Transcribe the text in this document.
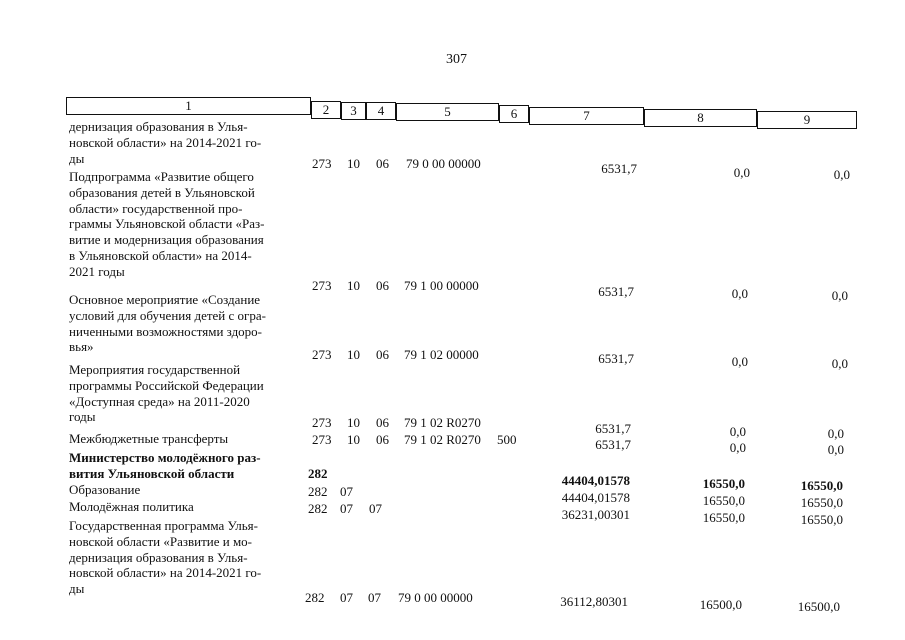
307
1	2	3	4	5	6	7	8	9

дернизация образования в Улья-

новской области» на 2014-2021 го-

ды	273 10 06 79 0 00 00000	6531,7	0,0	0,0

Подпрограмма «Развитие общего

образования детей в Ульяновской

области» государственной про-

граммы Ульяновской области «Раз-

витие и модернизация образования

в Ульяновской области» на 2014-

2021 годы

273 10 06 79 1 00 00000	6531,7	0,0	0,0

Основное мероприятие «Создание

условий для обучения детей с огра-

ниченными возможностями здоро-

вья»

273 10 06 79 1 02 00000	6531,7	0,0	0,0

Мероприятия государственной

программы Российской Федерации

«Доступная среда» на 2011-2020

годы	273 10 06 79 1 02 R0270	6531,7	0,0	0,0

Межбюджетные трансферты	273 10 06 79 1 02 R0270 500	6531,7	0,0	0,0

Министерство молодёжного раз-

вития Ульяновской области	282	44404,01578	16550,0	16550,0

Образование	282 07	44404,01578	16550,0	16550,0

Молодёжная политика	282 07 07	36231,00301	16550,0	16550,0

Государственная программа Улья-

новской области «Развитие и мо-

дернизация образования в Улья-

новской области» на 2014-2021 го-

ды

282 07 07 79 0 00 00000	36112,80301	16500,0	16500,0
